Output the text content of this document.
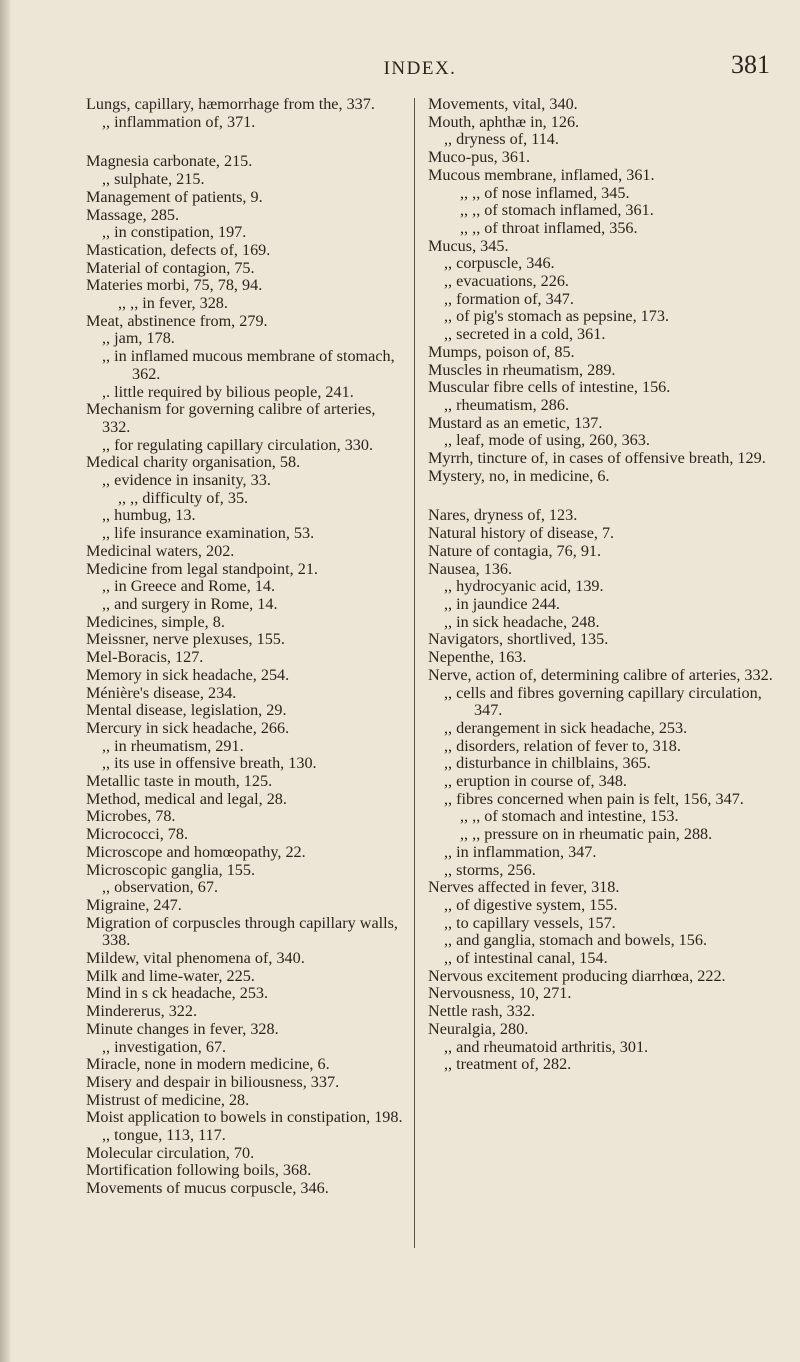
INDEX.	381
Lungs, capillary, hæmorrhage from the, 337.
,, inflammation of, 371.
Magnesia carbonate, 215.
,, sulphate, 215.
Management of patients, 9.
Massage, 285.
,, in constipation, 197.
Mastication, defects of, 169.
Material of contagion, 75.
Materies morbi, 75, 78, 94.
,, ,, in fever, 328.
Meat, abstinence from, 279.
,, jam, 178.
,, in inflamed mucous membrane of stomach, 362.
,. little required by bilious people, 241.
Mechanism for governing calibre of arteries, 332.
,, for regulating capillary circulation, 330.
Medical charity organisation, 58.
,, evidence in insanity, 33.
,, ,, difficulty of, 35.
,, humbug, 13.
,, life insurance examination, 53.
Medicinal waters, 202.
Medicine from legal standpoint, 21.
,, in Greece and Rome, 14.
,, and surgery in Rome, 14.
Medicines, simple, 8.
Meissner, nerve plexuses, 155.
Mel-Boracis, 127.
Memory in sick headache, 254.
Ménière's disease, 234.
Mental disease, legislation, 29.
Mercury in sick headache, 266.
,, in rheumatism, 291.
,, its use in offensive breath, 130.
Metallic taste in mouth, 125.
Method, medical and legal, 28.
Microbes, 78.
Micrococci, 78.
Microscope and homœopathy, 22.
Microscopic ganglia, 155.
,, observation, 67.
Migraine, 247.
Migration of corpuscles through capillary walls, 338.
Mildew, vital phenomena of, 340.
Milk and lime-water, 225.
Mind in s ck headache, 253.
Mindererus, 322.
Minute changes in fever, 328.
,, investigation, 67.
Miracle, none in modern medicine, 6.
Misery and despair in biliousness, 337.
Mistrust of medicine, 28.
Moist application to bowels in constipation, 198.
,, tongue, 113, 117.
Molecular circulation, 70.
Mortification following boils, 368.
Movements of mucus corpuscle, 346.
Movements, vital, 340.
Mouth, aphthæ in, 126.
,, dryness of, 114.
Muco-pus, 361.
Mucous membrane, inflamed, 361.
,, ,, of nose inflamed, 345.
,, ,, of stomach inflamed, 361.
,, ,, of throat inflamed, 356.
Mucus, 345.
,, corpuscle, 346.
,, evacuations, 226.
,, formation of, 347.
,, of pig's stomach as pepsine, 173.
,, secreted in a cold, 361.
Mumps, poison of, 85.
Muscles in rheumatism, 289.
Muscular fibre cells of intestine, 156.
,, rheumatism, 286.
Mustard as an emetic, 137.
,, leaf, mode of using, 260, 363.
Myrrh, tincture of, in cases of offensive breath, 129.
Mystery, no, in medicine, 6.
Nares, dryness of, 123.
Natural history of disease, 7.
Nature of contagia, 76, 91.
Nausea, 136.
,, hydrocyanic acid, 139.
,, in jaundice 244.
,, in sick headache, 248.
Navigators, shortlived, 135.
Nepenthe, 163.
Nerve, action of, determining calibre of arteries, 332.
,, cells and fibres governing capillary circulation, 347.
,, derangement in sick headache, 253.
,, disorders, relation of fever to, 318.
,, disturbance in chilblains, 365.
,, eruption in course of, 348.
,, fibres concerned when pain is felt, 156, 347.
,, ,, of stomach and intestine, 153.
,, ,, pressure on in rheumatic pain, 288.
,, in inflammation, 347.
,, storms, 256.
Nerves affected in fever, 318.
,, of digestive system, 155.
,, to capillary vessels, 157.
,, and ganglia, stomach and bowels, 156.
,, of intestinal canal, 154.
Nervous excitement producing diarrhœa, 222.
Nervousness, 10, 271.
Nettle rash, 332.
Neuralgia, 280.
,, and rheumatoid arthritis, 301.
,, treatment of, 282.
